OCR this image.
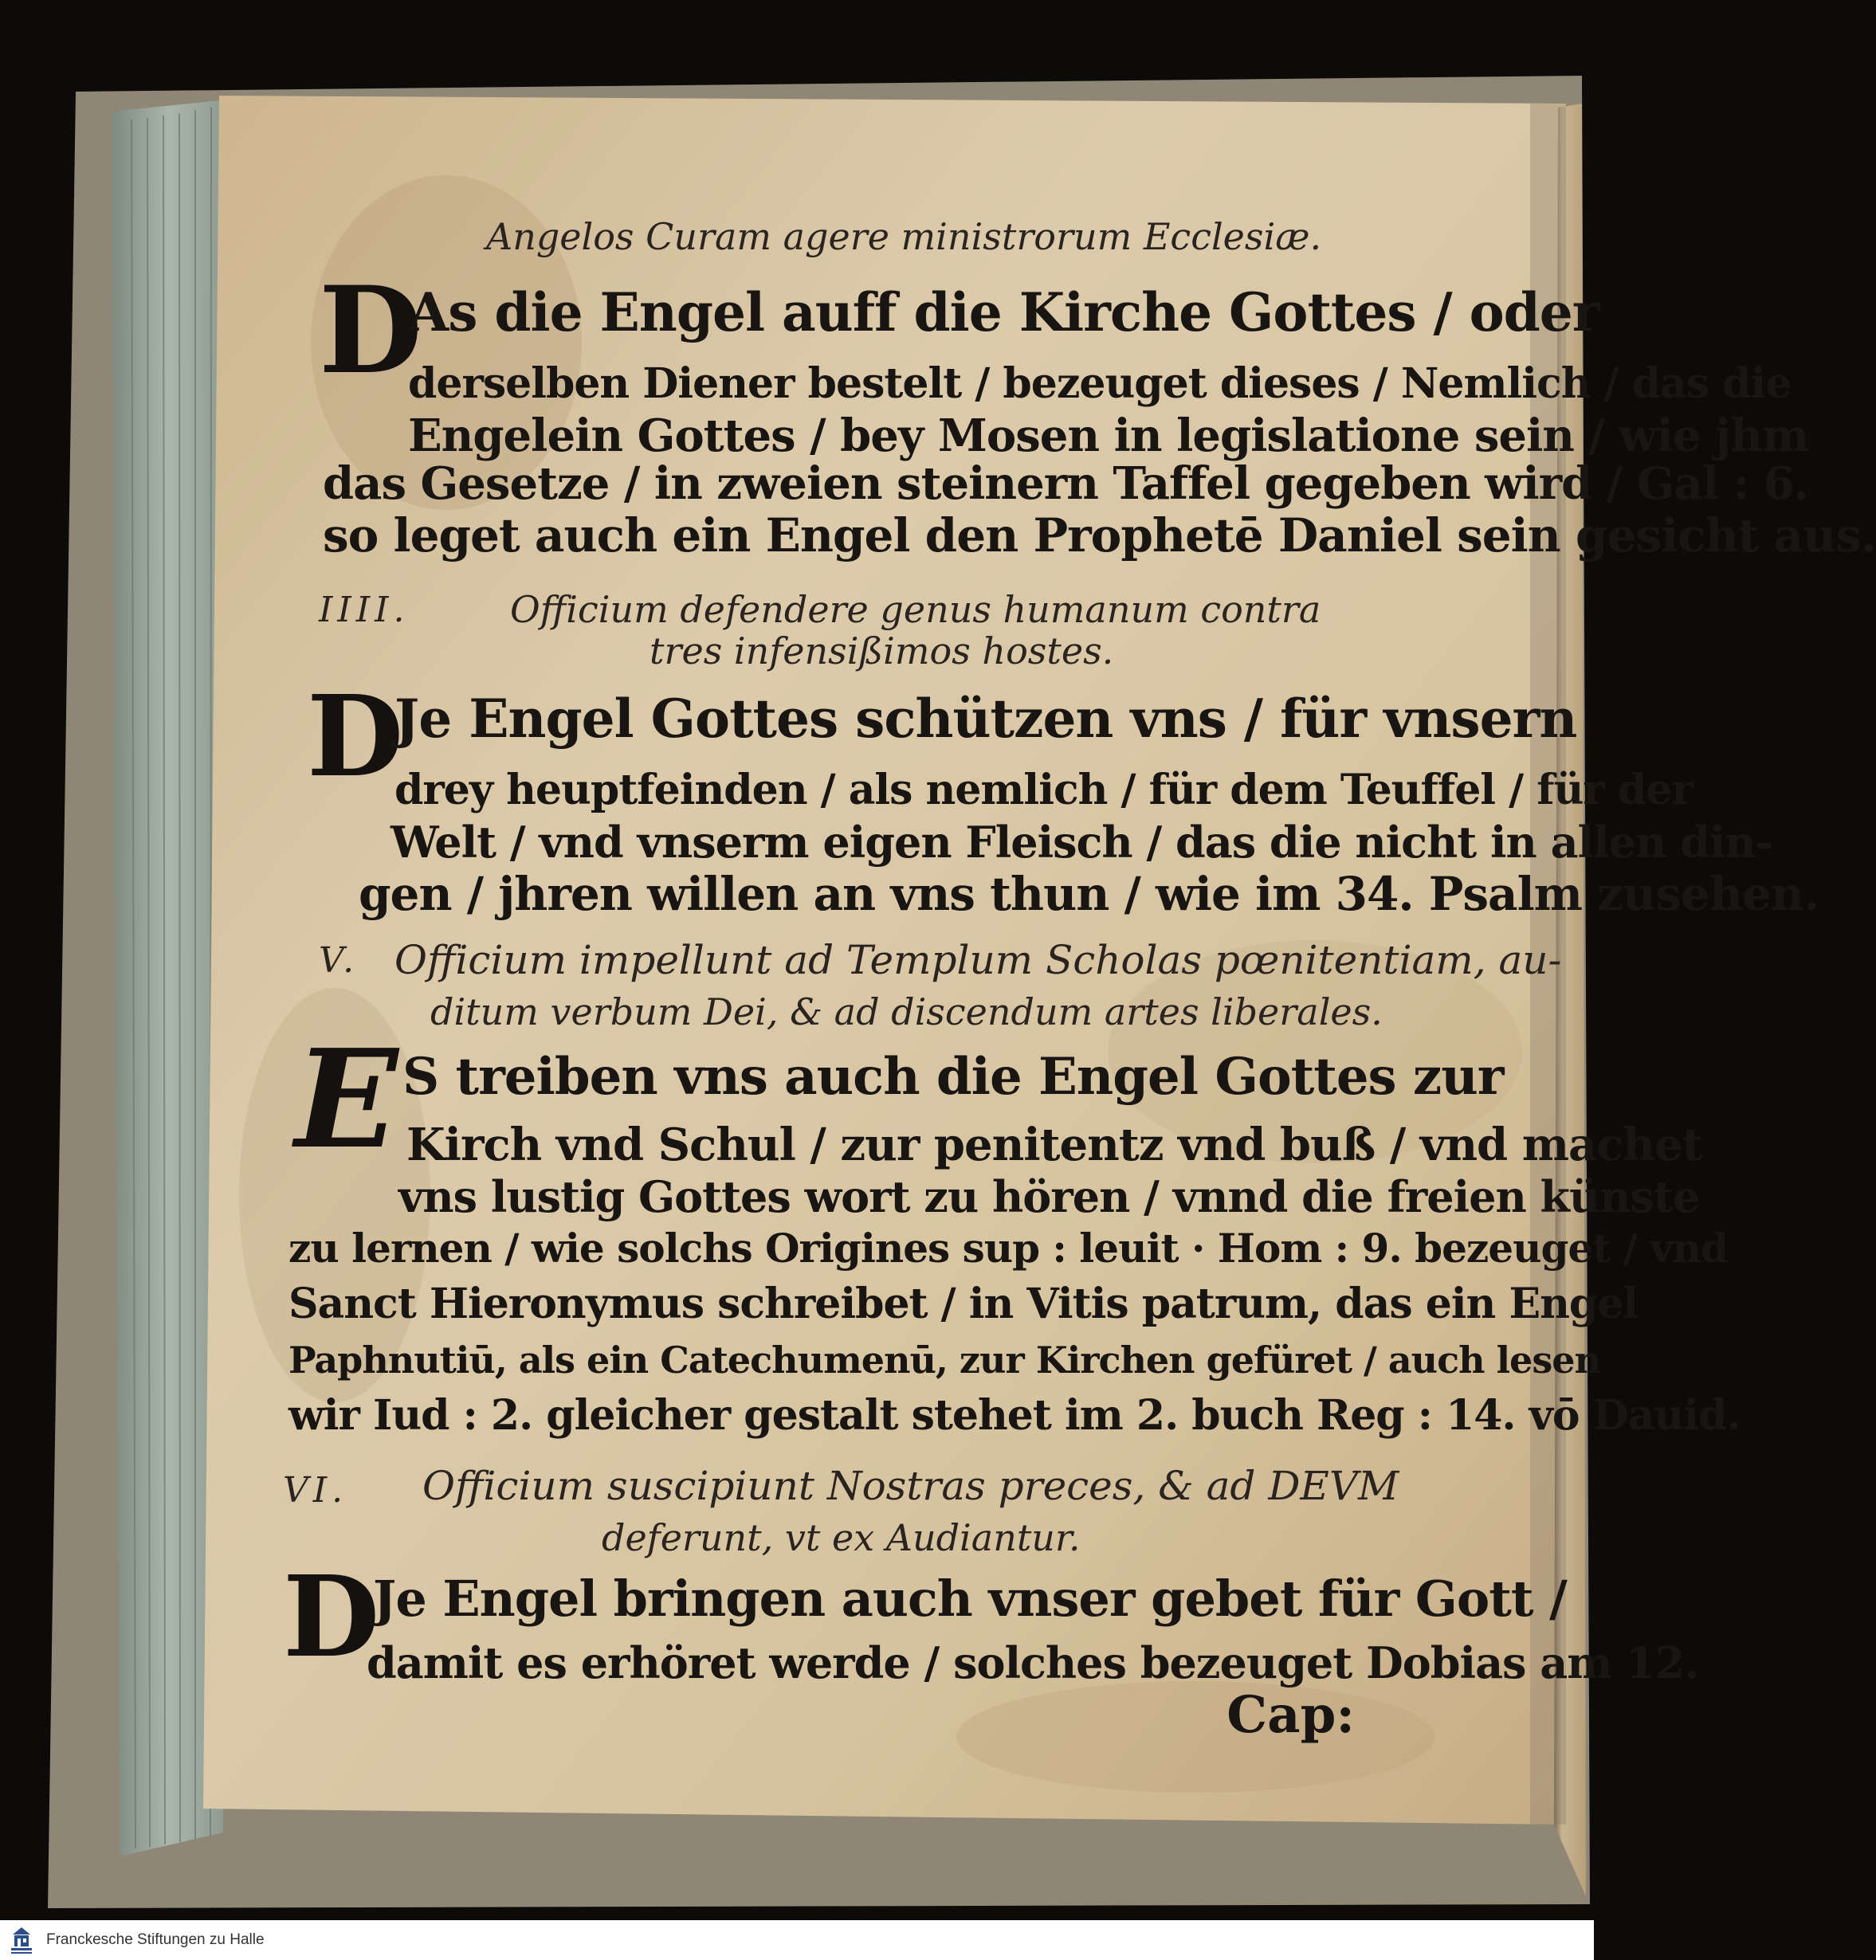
Angelos Curam agere ministrorum Ecclesiæ.
D

As die Engel auff die Kirche Gottes / oder

derselben Diener bestelt / bezeuget dieses / Nemlich / das die

Engelein Gottes / bey Mosen in legislatione sein / wie jhm

das Gesetze / in zweien steinern Taffel gegeben wird / Gal : 6.

so leget auch ein Engel den Prophetē Daniel sein gesicht aus.

IIII.	Officium defendere genus humanum contra
tres infensißimos hostes.
D

Je Engel Gottes schützen vns / für vnsern

drey heuptfeinden / als nemlich / für dem Teuffel / für der

Welt / vnd vnserm eigen Fleisch / das die nicht in allen din-

gen / jhren willen an vns thun / wie im 34. Psalm zusehen.

V. Officium impellunt ad Templum Scholas pœnitentiam, au-
ditum verbum Dei, & ad discendum artes liberales.
E S treiben vns auch die Engel Gottes zur

Kirch vnd Schul / zur penitentz vnd buß / vnd machet

vns lustig Gottes wort zu hören / vnnd die freien künste

zu lernen / wie solchs Origines sup : leuit · Hom : 9. bezeuget / vnd

Sanct Hieronymus schreibet / in Vitis patrum, das ein Engel

Paphnutiū, als ein Catechumenū, zur Kirchen gefüret / auch lesen

wir Iud : 2. gleicher gestalt stehet im 2. buch Reg : 14. vō Dauid.

VI. Officium suscipiunt Nostras preces, & ad DEVM
deferunt, vt ex Audiantur.
D

Je Engel bringen auch vnser gebet für Gott /

damit es erhöret werde / solches bezeuget Dobias am 12.

Cap:
Franckesche Stiftungen zu Halle
